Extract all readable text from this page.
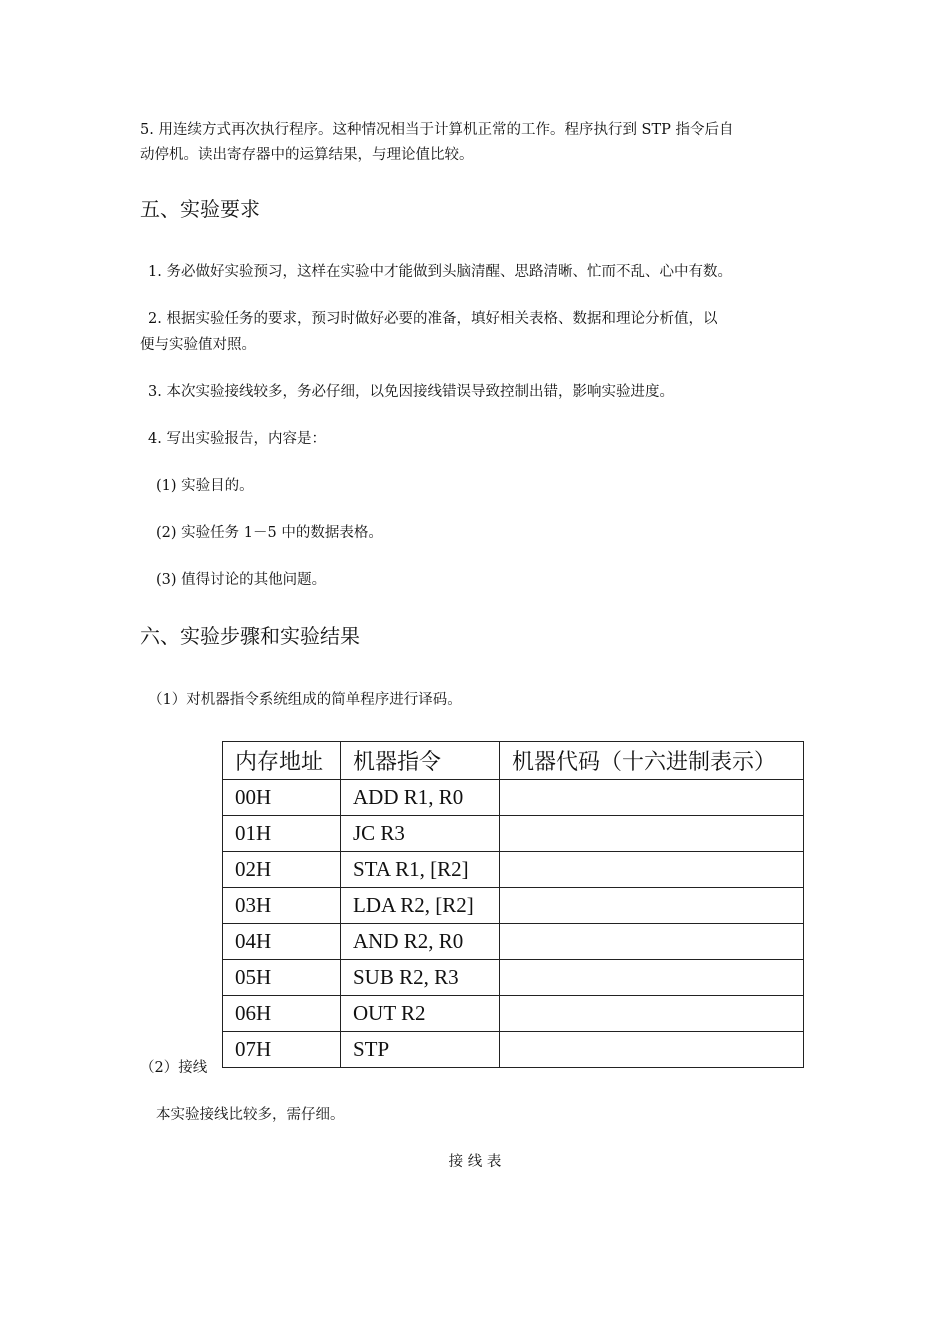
5. 用连续方式再次执行程序。这种情况相当于计算机正常的工作。程序执行到 STP 指令后自
动停机。读出寄存器中的运算结果，与理论值比较。
五、实验要求
1. 务必做好实验预习，这样在实验中才能做到头脑清醒、思路清晰、忙而不乱、心中有数。
2. 根据实验任务的要求，预习时做好必要的准备，填好相关表格、数据和理论分析值，以
便与实验值对照。
3. 本次实验接线较多，务必仔细，以免因接线错误导致控制出错，影响实验进度。
4. 写出实验报告，内容是：
(1) 实验目的。
(2) 实验任务 1－5 中的数据表格。
(3) 值得讨论的其他问题。
六、实验步骤和实验结果
（1）对机器指令系统组成的简单程序进行译码。
内存地址	机器指令	机器代码（十六进制表示）
00H	ADD R1, R0	
01H	JC R3	
02H	STA R1, [R2]	
03H	LDA R2, [R2]	
04H	AND R2, R0	
05H	SUB R2, R3	
06H	OUT R2	
07H	STP	
（2）接线
本实验接线比较多，需仔细。
接 线 表
